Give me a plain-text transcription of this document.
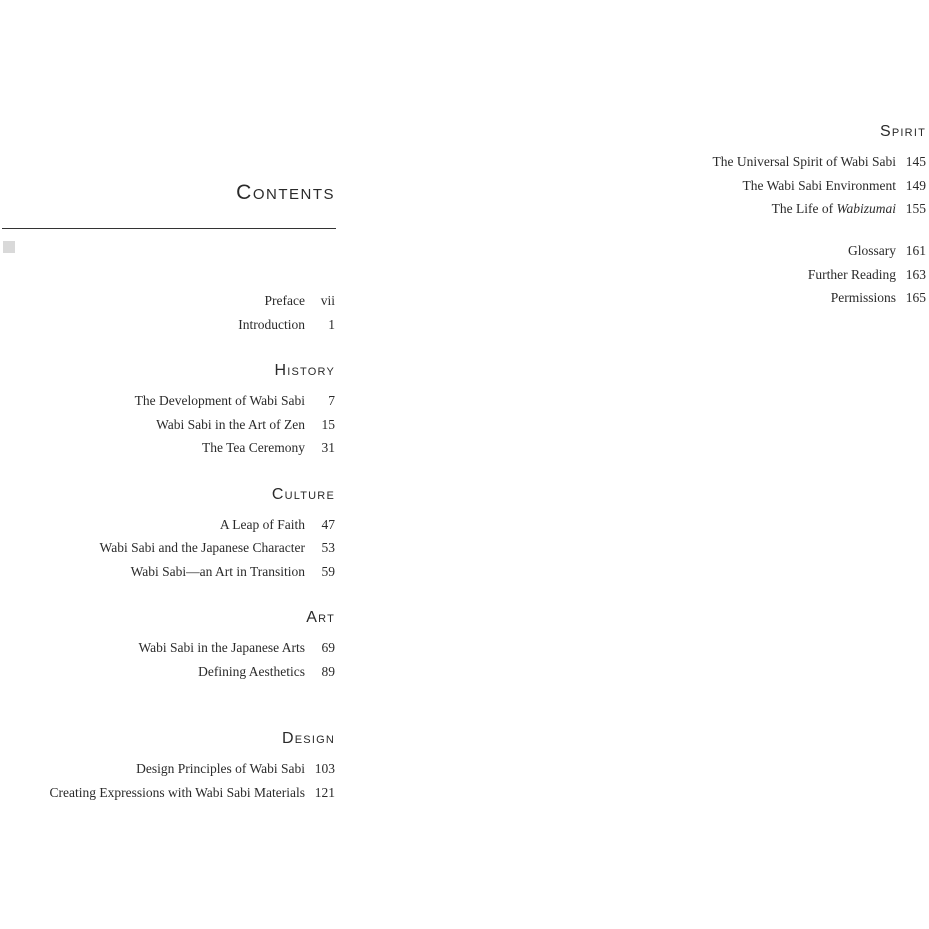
Contents
Preface	vii
Introduction	1
History
The Development of Wabi Sabi	7
Wabi Sabi in the Art of Zen	15
The Tea Ceremony	31
Culture
A Leap of Faith	47
Wabi Sabi and the Japanese Character	53
Wabi Sabi—an Art in Transition	59
Art
Wabi Sabi in the Japanese Arts	69
Defining Aesthetics	89
Design
Design Principles of Wabi Sabi 103
Creating Expressions with Wabi Sabi Materials 121
Spirit
The Universal Spirit of Wabi Sabi 145
The Wabi Sabi Environment 149
The Life of Wabizumai 155
Glossary 161
Further Reading 163
Permissions 165
